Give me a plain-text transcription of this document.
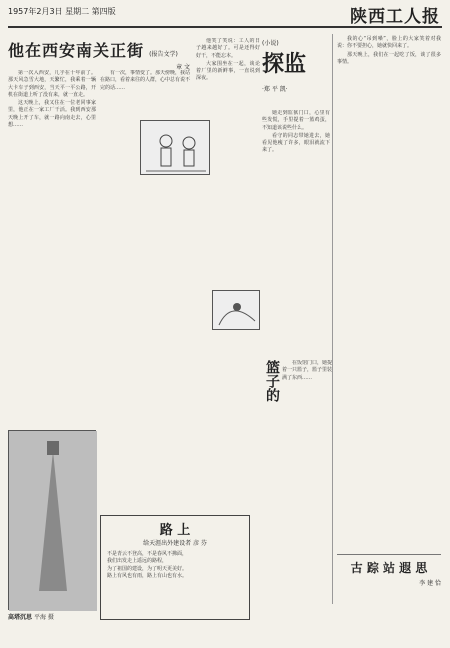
1957年2月3日 星期二 第四版	陕西工人报
他在西安南关正街 (报告文学)
章 文

第一次入西安，几乎在十年前了。那天风急雪大地，天繁忙，我乘着一辆大卡车子到西安，当天平一平公路，开机在街道上听了没有来，就一直走。

这天晚上，我又住在一位老同事家里，他正在一家工厂干活。我到西安那天晚上开了车，就一路向南走去，心里想……

有一次，事情变了。那天傍晚，我站在路口，看着来往的人群，心中总有说不完的话……

他笑了笑说：工人的日子越来越好了。可是还得好好干，不能忘本。

大家围坐在一起，谈论着厂里的新鲜事，一直说到深夜。

(小说)
探监
·郑 平 凯·

她走到监狱门口，心里有些发慌，手里提着一篮鸡蛋，不知道该说些什么。

看守的同志带她进去，她看见他瘦了许多，眼泪就流下来了。

篮子的	在饭馆门口，她提着一只篮子，篮子里装满了东西……

我的心“吊到嗓”，脸上的大家笑着对我说：你不要担心，她就快回来了。

那天晚上，我们在一起吃了饭，谈了很多事情。

古 踪 站 遐 思
李 建 恰
路 上
给天涯出外建设者 彦 芬
不是青云不登高，不是春风不拂面，
我们出发走上遥远的路程，
为了祖国的建设，为了明天更美好。
路上有风也有雨，路上有山也有水。
高塔沉思 平海 摄
